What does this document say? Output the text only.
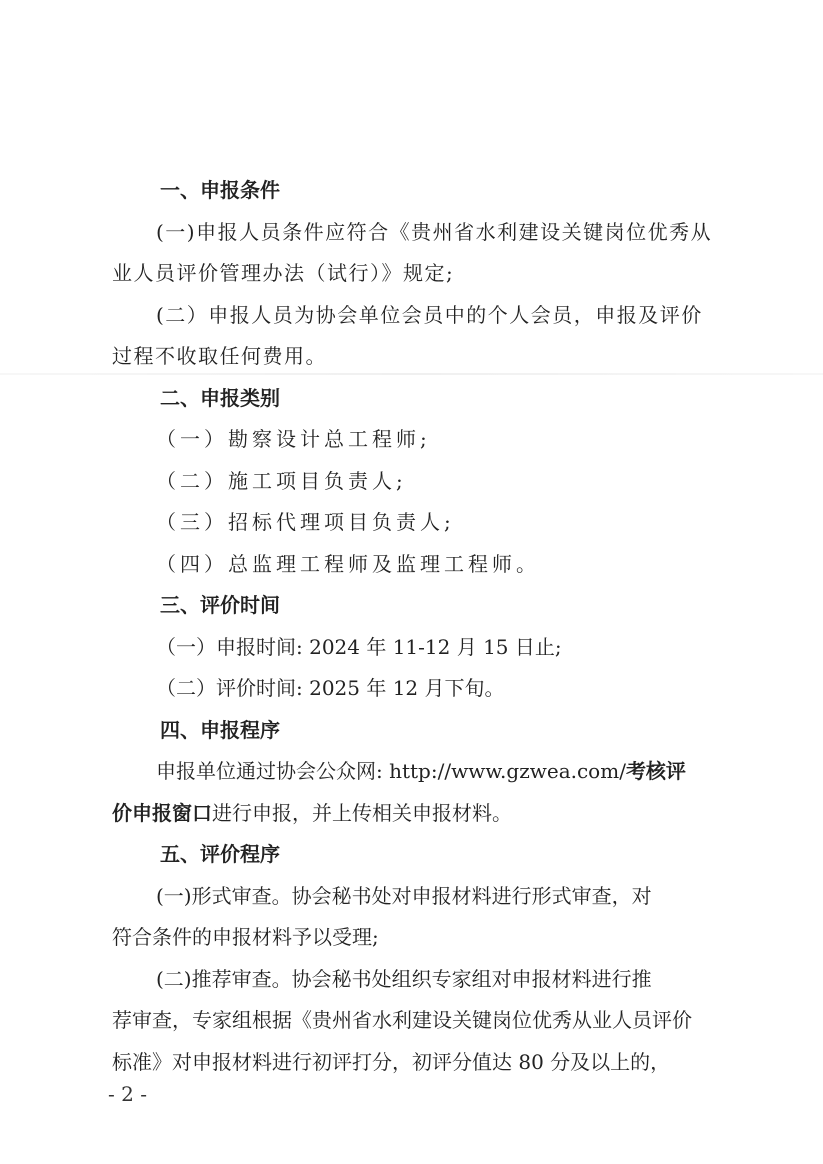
一、申报条件
(一)申报人员条件应符合《贵州省水利建设关键岗位优秀从
业人员评价管理办法（试行）》规定;
(二）申报人员为协会单位会员中的个人会员，申报及评价
过程不收取任何费用。
二、申报类别
（一）勘察设计总工程师;
（二）施工项目负责人;
（三）招标代理项目负责人;
（四）总监理工程师及监理工程师。
三、评价时间
（一）申报时间: 2024 年 11-12 月 15 日止;
（二）评价时间: 2025 年 12 月下旬。
四、申报程序
申报单位通过协会公众网: http://www.gzwea.com/考核评
价申报窗口进行申报，并上传相关申报材料。
五、评价程序
(一)形式审查。协会秘书处对申报材料进行形式审查，对
符合条件的申报材料予以受理;
(二)推荐审查。协会秘书处组织专家组对申报材料进行推
荐审查，专家组根据《贵州省水利建设关键岗位优秀从业人员评价
标准》对申报材料进行初评打分，初评分值达 80 分及以上的，
- 2 -
